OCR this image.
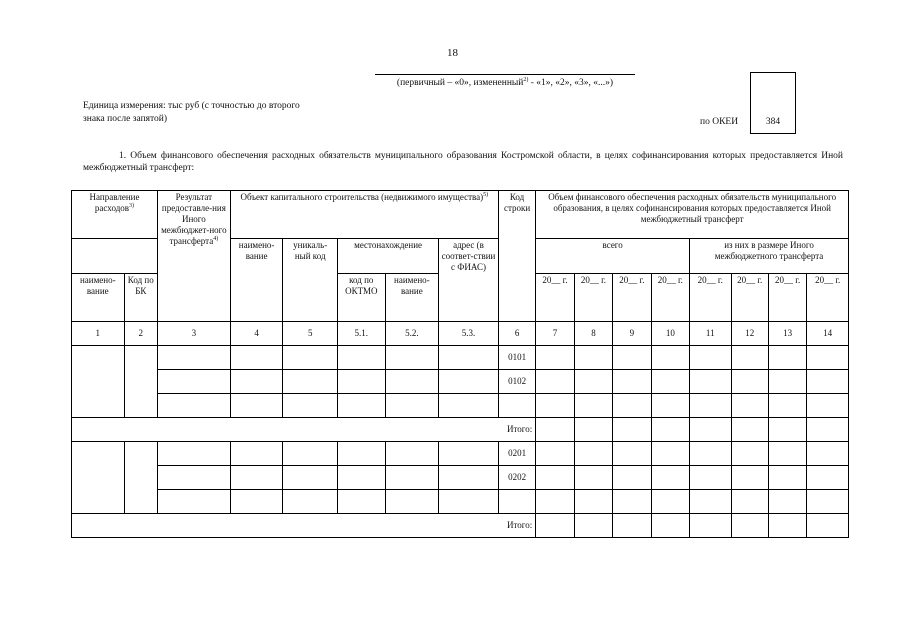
18
(первичный – «0», измененный$^{2)}$ - «1», «2», «3», «...»)
Единица измерения: тыс руб (с точностью до второго
знака после запятой)	по ОКЕИ	384
1. Объем финансового обеспечения расходных обязательств муниципального образования Костромской области, в целях софинансирования которых предоставляется Иной межбюджетный трансферт:
Направление расходов$^{3)}$		Результат предоставле-ния Иного межбюджет-ного трансферта$^{4)}$	Объект капитального строительства (недвижимого имущества)$^{5)}$					Код строки	Объем финансового обеспечения расходных обязательств муниципального образования, в целях софинансирования которых предоставляется Иной межбюджетный трансферт							
			наимено-вание	уникаль-ный код	местонахождение		адрес (в соответ-ствии с ФИАС)		всего				из них в размере Иного межбюджетного трансферта			
наимено-вание	Код по БК				код по ОКТМО	наимено-вание			20__ г.	20__ г.	20__ г.	20__ г.	20__ г.	20__ г.	20__ г.	20__ г.
1	2	3	4	5	5.1.	5.2.	5.3.	6	7	8	9	10	11	12	13	14
								0101								
								0102								

Итого:																
								0201								
								0202								

Итого:																
